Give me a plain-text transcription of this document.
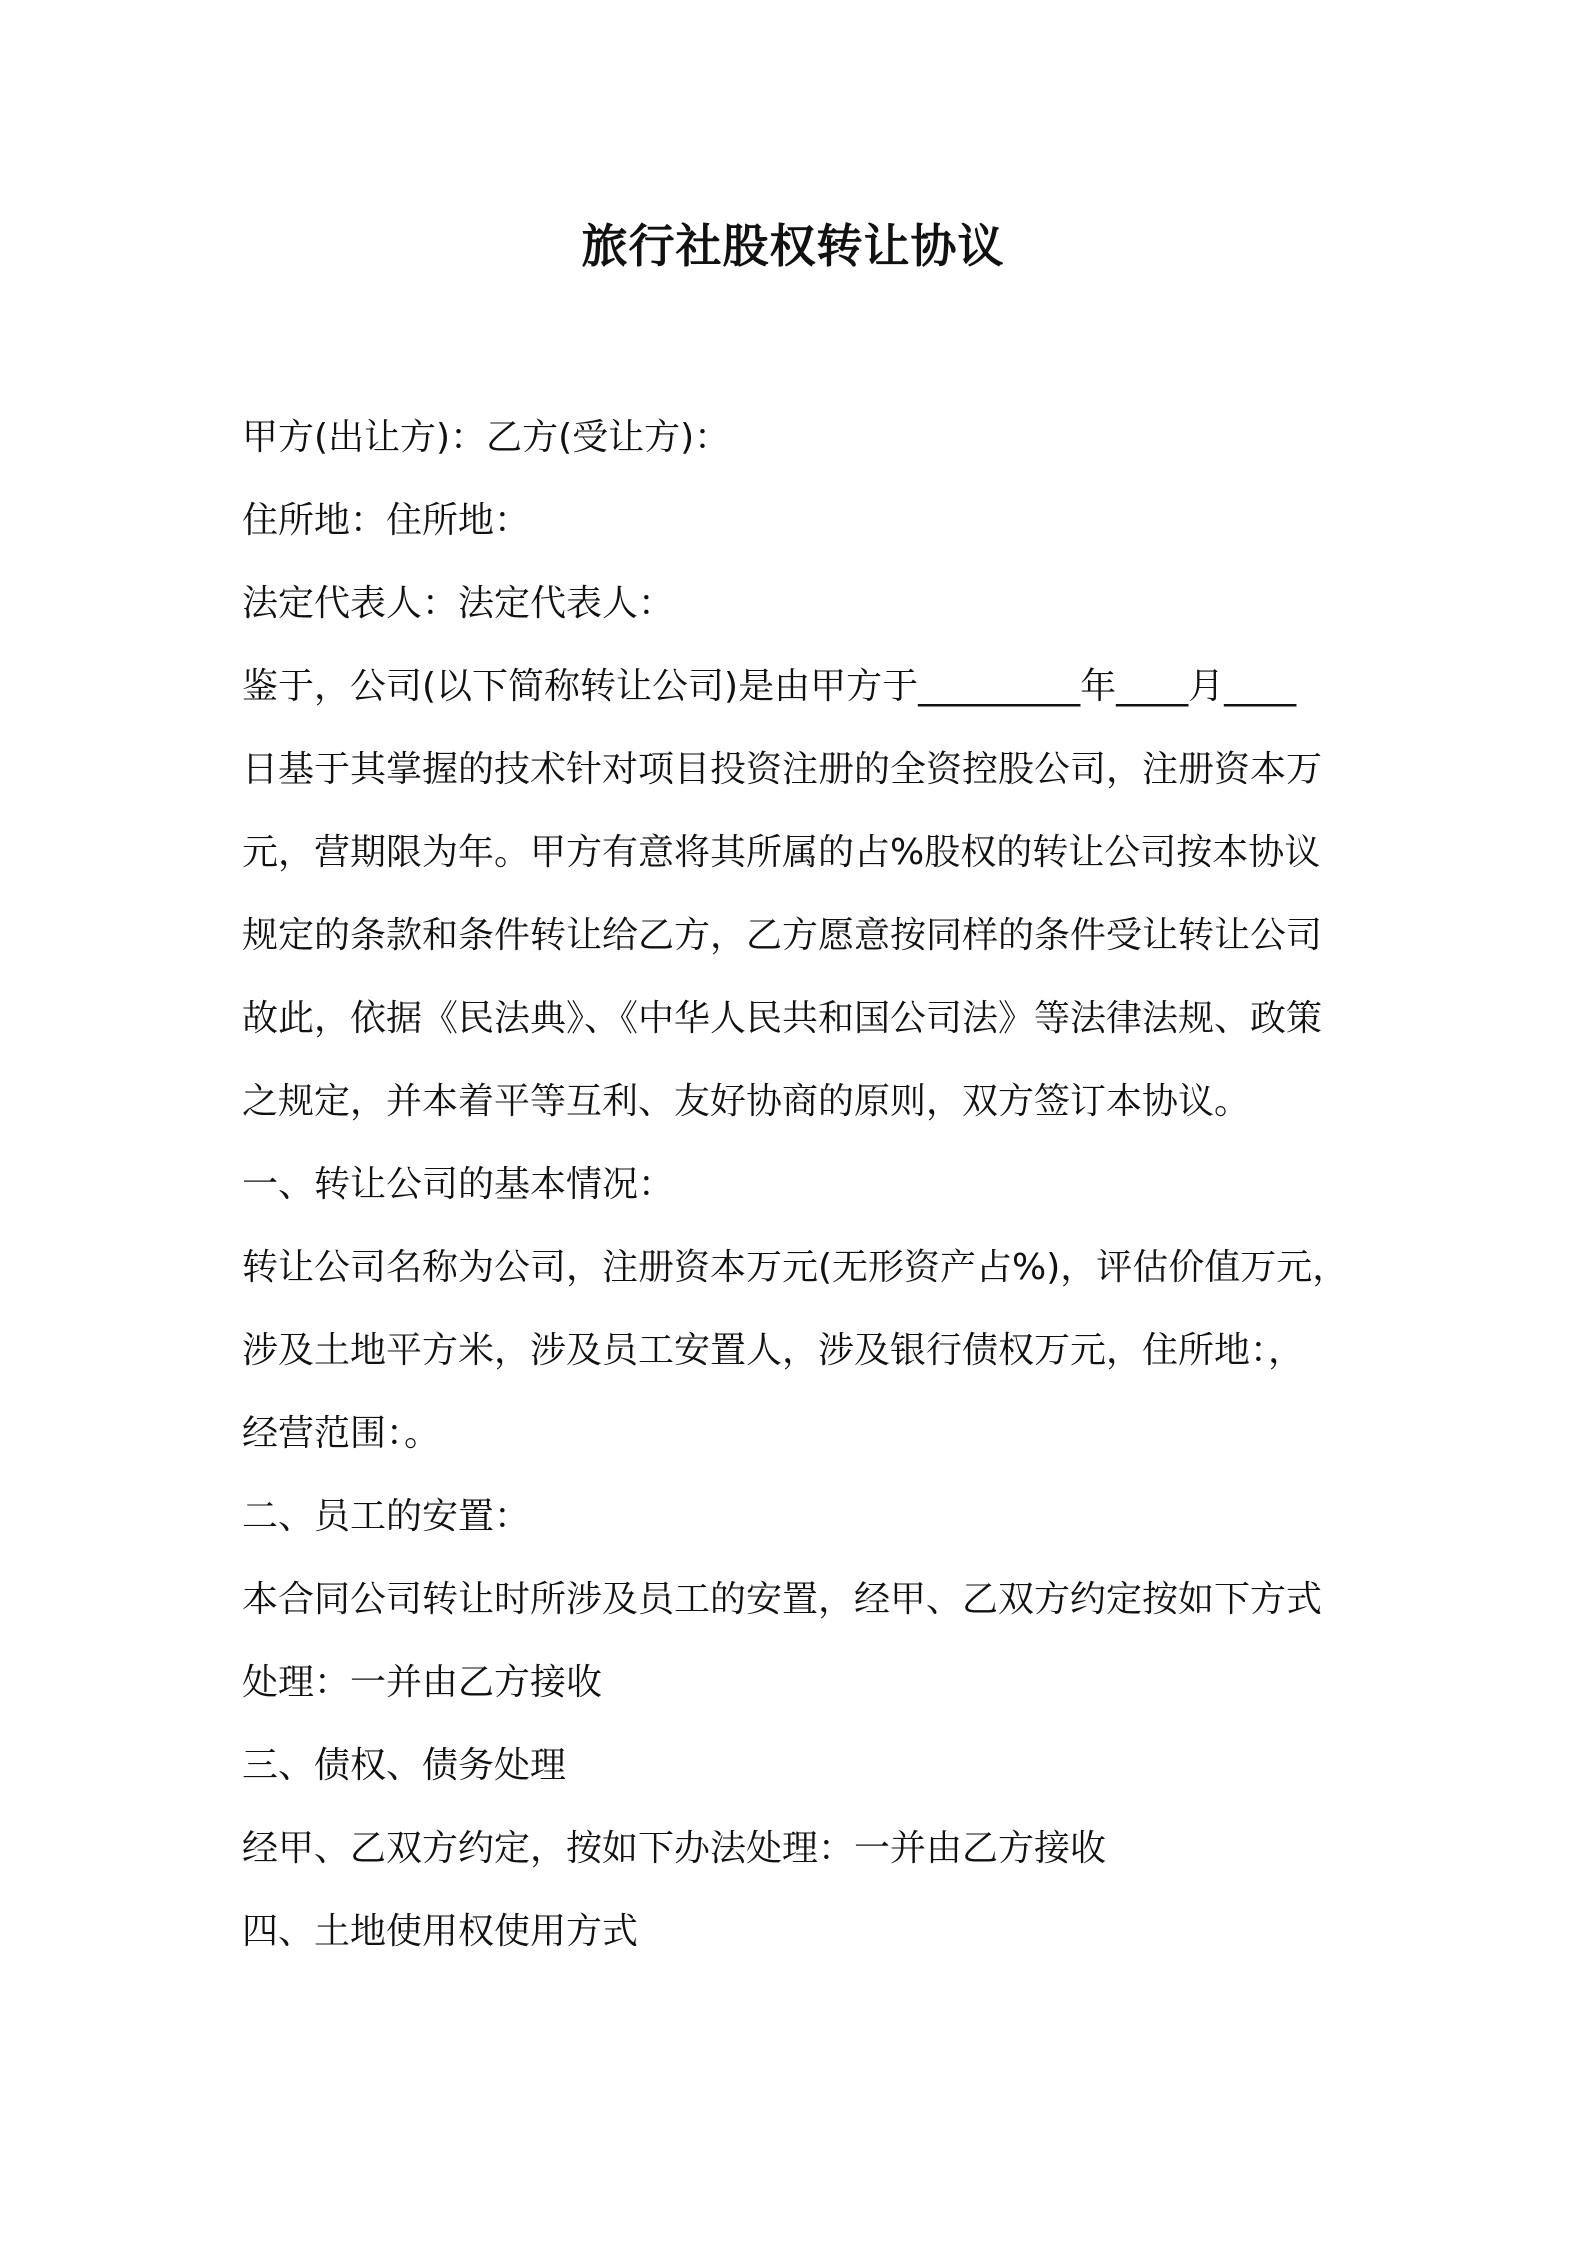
旅行社股权转让协议
甲方(出让方)：乙方(受让方)：
住所地：住所地：
法定代表人：法定代表人：
鉴于，公司(以下简称转让公司)是由甲方于_________年____月____
日基于其掌握的技术针对项目投资注册的全资控股公司，注册资本万
元，营期限为年。甲方有意将其所属的占%股权的转让公司按本协议
规定的条款和条件转让给乙方，乙方愿意按同样的条件受让转让公司
故此，依据《民法典》、《中华人民共和国公司法》等法律法规、政策
之规定，并本着平等互利、友好协商的原则，双方签订本协议。
一、转让公司的基本情况：
转让公司名称为公司，注册资本万元(无形资产占%)，评估价值万元，
涉及土地平方米，涉及员工安置人，涉及银行债权万元，住所地：，
经营范围：。
二、员工的安置：
本合同公司转让时所涉及员工的安置，经甲、乙双方约定按如下方式
处理：一并由乙方接收
三、债权、债务处理
经甲、乙双方约定，按如下办法处理：一并由乙方接收
四、土地使用权使用方式
